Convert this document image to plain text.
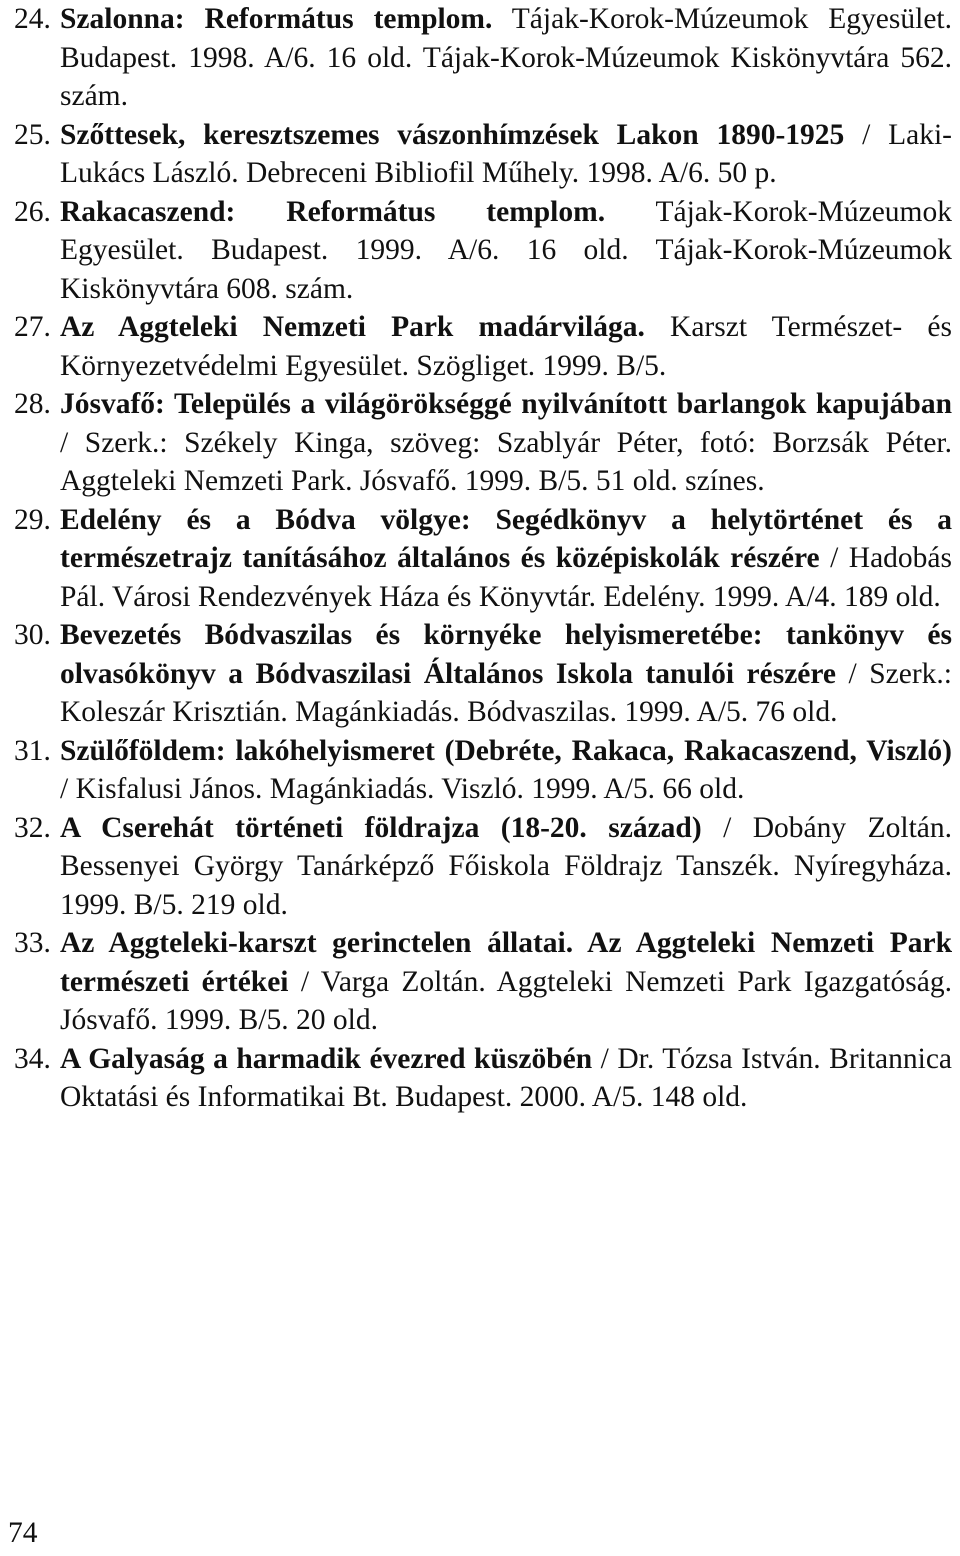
24. Szalonna: Református templom. Tájak-Korok-Múzeumok Egyesület. Budapest. 1998. A/6. 16 old. Tájak-Korok-Múzeumok Kiskönyvtára 562. szám.
25. Szőttesek, keresztszemes vászonhímzések Lakon 1890-1925 / Laki-Lukács László. Debreceni Bibliofil Műhely. 1998. A/6. 50 p.
26. Rakacaszend: Református templom. Tájak-Korok-Múzeumok Egyesület. Budapest. 1999. A/6. 16 old. Tájak-Korok-Múzeumok Kiskönyvtára 608. szám.
27. Az Aggteleki Nemzeti Park madárvilága. Karszt Természet- és Környezetvédelmi Egyesület. Szögliget. 1999. B/5.
28. Jósvafő: Település a világörökséggé nyilvánított barlangok kapujában / Szerk.: Székely Kinga, szöveg: Szablyár Péter, fotó: Borzsák Péter. Aggteleki Nemzeti Park. Jósvafő. 1999. B/5. 51 old. színes.
29. Edelény és a Bódva völgye: Segédkönyv a helytörténet és a természetrajz tanításához általános és középiskolák részére / Hadobás Pál. Városi Rendezvények Háza és Könyvtár. Edelény. 1999. A/4. 189 old.
30. Bevezetés Bódvaszilas és környéke helyismeretébe: tankönyv és olvasókönyv a Bódvaszilasi Általános Iskola tanulói részére / Szerk.: Koleszár Krisztián. Magánkiadás. Bódvaszilas. 1999. A/5. 76 old.
31. Szülőföldem: lakóhelyismeret (Debréte, Rakaca, Rakacaszend, Viszló) / Kisfalusi János. Magánkiadás. Viszló. 1999. A/5. 66 old.
32. A Cserehát történeti földrajza (18-20. század) / Dobány Zoltán. Bessenyei György Tanárképző Főiskola Földrajz Tanszék. Nyíregyháza. 1999. B/5. 219 old.
33. Az Aggteleki-karszt gerinctelen állatai. Az Aggteleki Nemzeti Park természeti értékei / Varga Zoltán. Aggteleki Nemzeti Park Igazgatóság. Jósvafő. 1999. B/5. 20 old.
34. A Galyaság a harmadik évezred küszöbén / Dr. Tózsa István. Britannica Oktatási és Informatikai Bt. Budapest. 2000. A/5. 148 old.
74
